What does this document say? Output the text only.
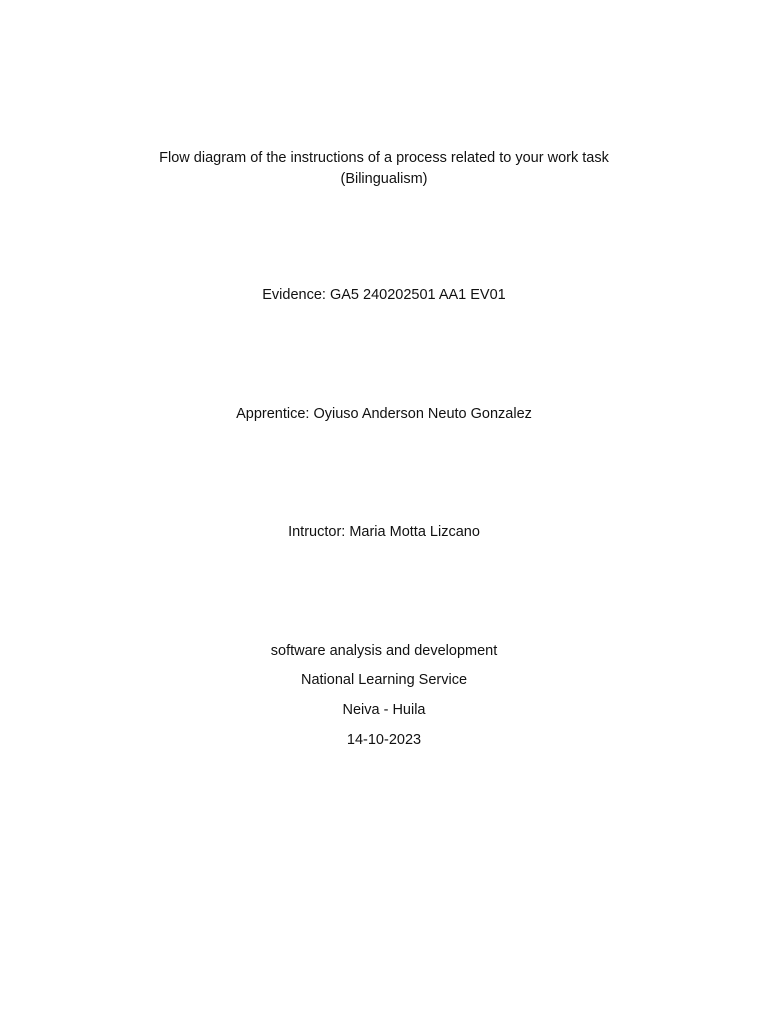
Flow diagram of the instructions of a process related to your work task
(Bilingualism)
Evidence: GA5 240202501 AA1 EV01
Apprentice: Oyiuso Anderson Neuto Gonzalez
Intructor: Maria Motta Lizcano
software analysis and development
National Learning Service
Neiva - Huila
14-10-2023
